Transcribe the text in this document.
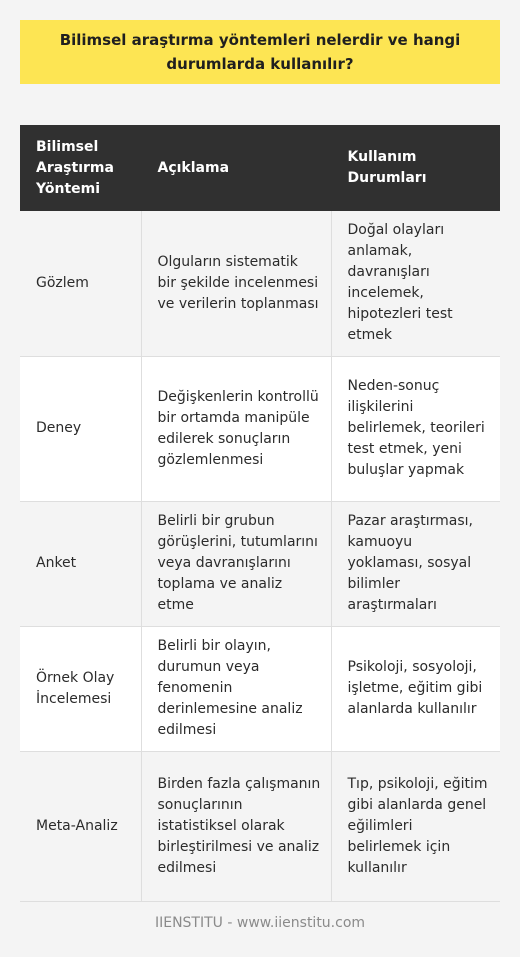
Bilimsel araştırma yöntemleri nelerdir ve hangi durumlarda kullanılır?
Bilimsel Araştırma Yöntemi	Açıklama	Kullanım Durumları
Gözlem	Olguların sistematik bir şekilde incelenmesi ve verilerin toplanması	Doğal olayları anlamak, davranışları incelemek, hipotezleri test etmek
Deney	Değişkenlerin kontrollü bir ortamda manipüle edilerek sonuçların gözlemlenmesi	Neden-sonuç ilişkilerini belirlemek, teorileri test etmek, yeni buluşlar yapmak
Anket	Belirli bir grubun görüşlerini, tutumlarını veya davranışlarını toplama ve analiz etme	Pazar araştırması, kamuoyu yoklaması, sosyal bilimler araştırmaları
Örnek Olay İncelemesi	Belirli bir olayın, durumun veya fenomenin derinlemesine analiz edilmesi	Psikoloji, sosyoloji, işletme, eğitim gibi alanlarda kullanılır
Meta-Analiz	Birden fazla çalışmanın sonuçlarının istatistiksel olarak birleştirilmesi ve analiz edilmesi	Tıp, psikoloji, eğitim gibi alanlarda genel eğilimleri belirlemek için kullanılır
IIENSTITU - www.iienstitu.com
